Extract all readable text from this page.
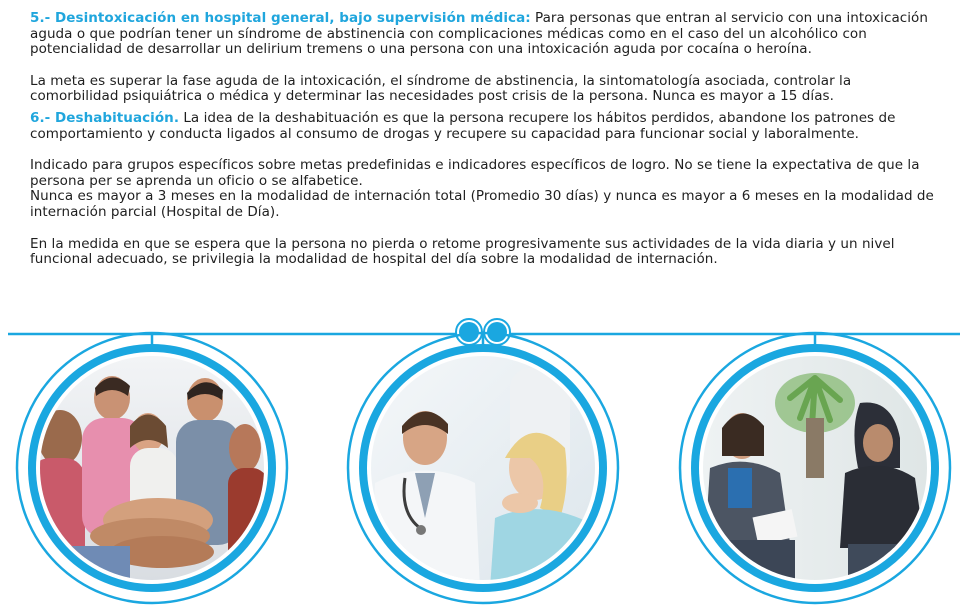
5.- Desintoxicación en hospital general, bajo supervisión médica: Para personas que entran al servicio con una intoxicación aguda o que podrían tener un síndrome de abstinencia con complicaciones médicas como en el caso del un alcohólico con potencialidad de desarrollar un delirium tremens o una persona con una intoxicación aguda por cocaína o heroína.

La meta es superar la fase aguda de la intoxicación, el síndrome de abstinencia, la sintomatología asociada, controlar la comorbilidad psiquiátrica o médica y determinar las necesidades post crisis de la persona. Nunca es mayor a 15 días.

6.- Deshabituación. La idea de la deshabituación es que la persona recupere los hábitos perdidos, abandone los patrones de comportamiento y conducta ligados al consumo de drogas y recupere su capacidad para funcionar social y laboralmente.

Indicado para grupos específicos sobre metas predefinidas e indicadores específicos de logro. No se tiene la expectativa de que la persona per se aprenda un oficio o se alfabetice.

Nunca es mayor a 3 meses en la modalidad de internación total (Promedio 30 días) y nunca es mayor a 6 meses en la modalidad de internación parcial (Hospital de Día).

En la medida en que se espera que la persona no pierda o retome progresivamente sus actividades de la vida diaria y un nivel funcional adecuado, se privilegia la modalidad de hospital del día sobre la modalidad de internación.
